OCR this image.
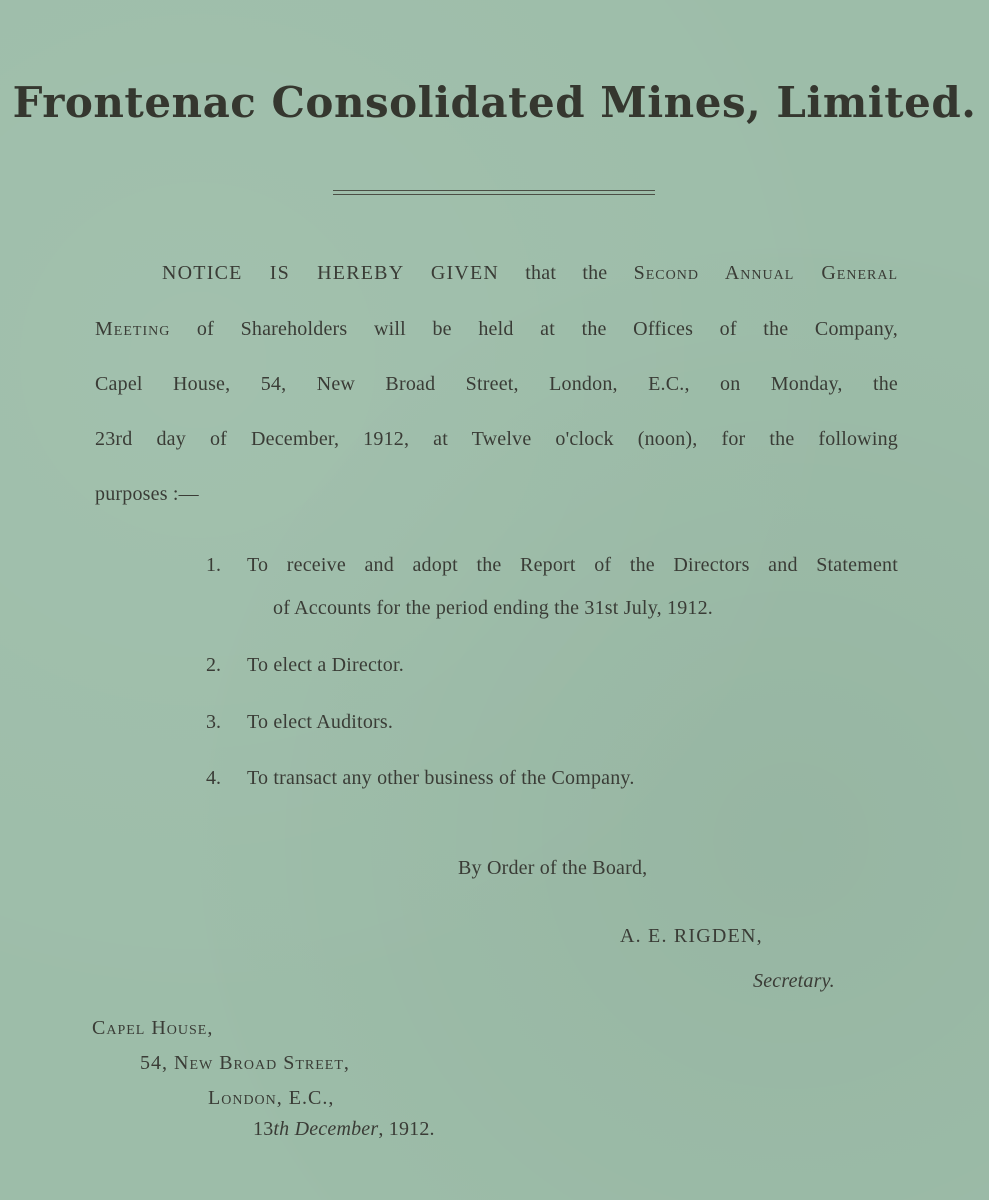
Frontenac Consolidated Mines, Limited.
NOTICE IS HEREBY GIVEN that the Second Annual General
Meeting of Shareholders will be held at the Offices of the Company,
Capel House, 54, New Broad Street, London, E.C., on Monday, the
23rd day of December, 1912, at Twelve o'clock (noon), for the following
purposes :—
1. To receive and adopt the Report of the Directors and Statement
of Accounts for the period ending the 31st July, 1912.
2. To elect a Director.
3. To elect Auditors.
4. To transact any other business of the Company.
By Order of the Board,
A. E. RIGDEN,
Secretary.
Capel House,
54, New Broad Street,
London, E.C.,
13th December, 1912.
